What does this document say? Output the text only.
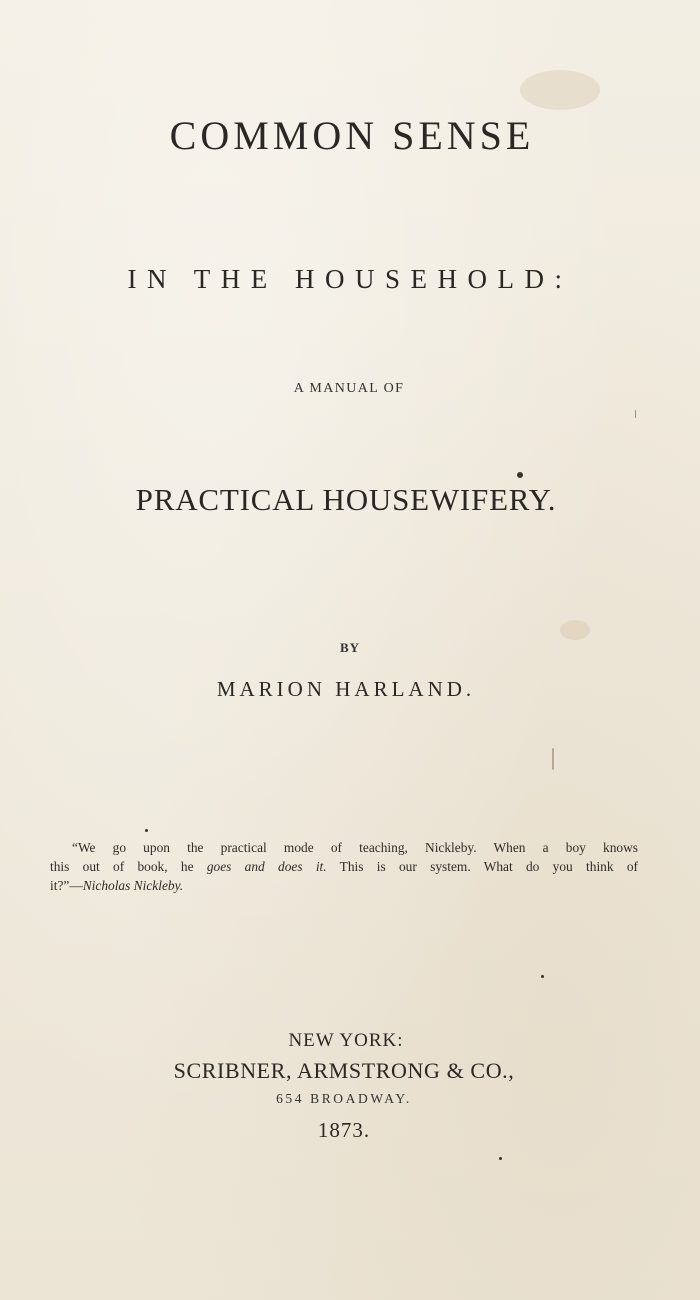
COMMON SENSE
IN THE HOUSEHOLD:
A MANUAL OF
PRACTICAL HOUSEWIFERY.
BY
MARION HARLAND.
“We go upon the practical mode of teaching, Nickleby. When a boy knows
this out of book, he goes and does it. This is our system. What do you think of
it?”—Nicholas Nickleby.
NEW YORK:
SCRIBNER, ARMSTRONG & CO.,
654 BROADWAY.
1873.
